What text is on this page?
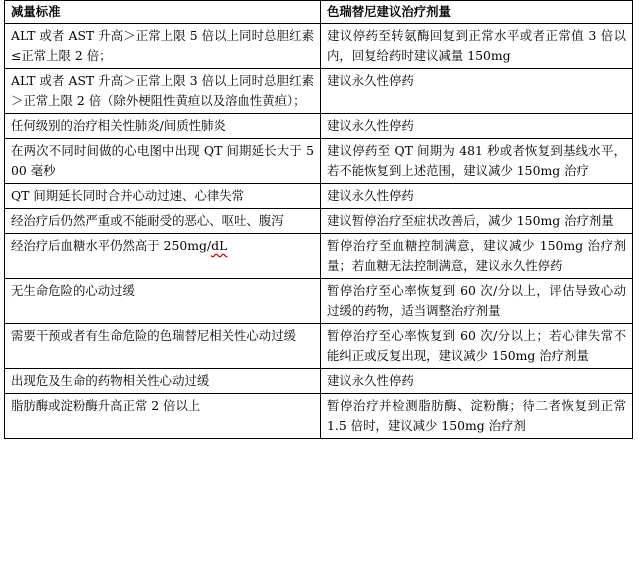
减量标准	色瑞替尼建议治疗剂量
ALT 或者 AST 升高＞正常上限 5 倍以上同时总胆红素≤正常上限 2 倍；	建议停药至转氨酶回复到正常水平或者正常值 3 倍以内，回复给药时建议减量 150mg
ALT 或者 AST 升高＞正常上限 3 倍以上同时总胆红素＞正常上限 2 倍（除外梗阻性黄疸以及溶血性黄疸）；	建议永久性停药
任何级别的治疗相关性肺炎/间质性肺炎	建议永久性停药
在两次不同时间做的心电图中出现 QT 间期延长大于 500 毫秒	建议停药至 QT 间期为 481 秒或者恢复到基线水平，若不能恢复到上述范围，建议减少 150mg 治疗
QT 间期延长同时合并心动过速、心律失常	建议永久性停药
经治疗后仍然严重或不能耐受的恶心、呕吐、腹泻	建议暂停治疗至症状改善后，减少 150mg 治疗剂量
经治疗后血糖水平仍然高于 250mg/dL	暂停治疗至血糖控制满意，建议减少 150mg 治疗剂量；若血糖无法控制满意，建议永久性停药
无生命危险的心动过缓	暂停治疗至心率恢复到 60 次/分以上，评估导致心动过缓的药物，适当调整治疗剂量
需要干预或者有生命危险的色瑞替尼相关性心动过缓	暂停治疗至心率恢复到 60 次/分以上；若心律失常不能纠正或反复出现，建议减少 150mg 治疗剂量
出现危及生命的药物相关性心动过缓	建议永久性停药
脂肪酶或淀粉酶升高正常 2 倍以上	暂停治疗并检测脂肪酶、淀粉酶；待二者恢复到正常 1.5 倍时，建议减少 150mg 治疗剂
